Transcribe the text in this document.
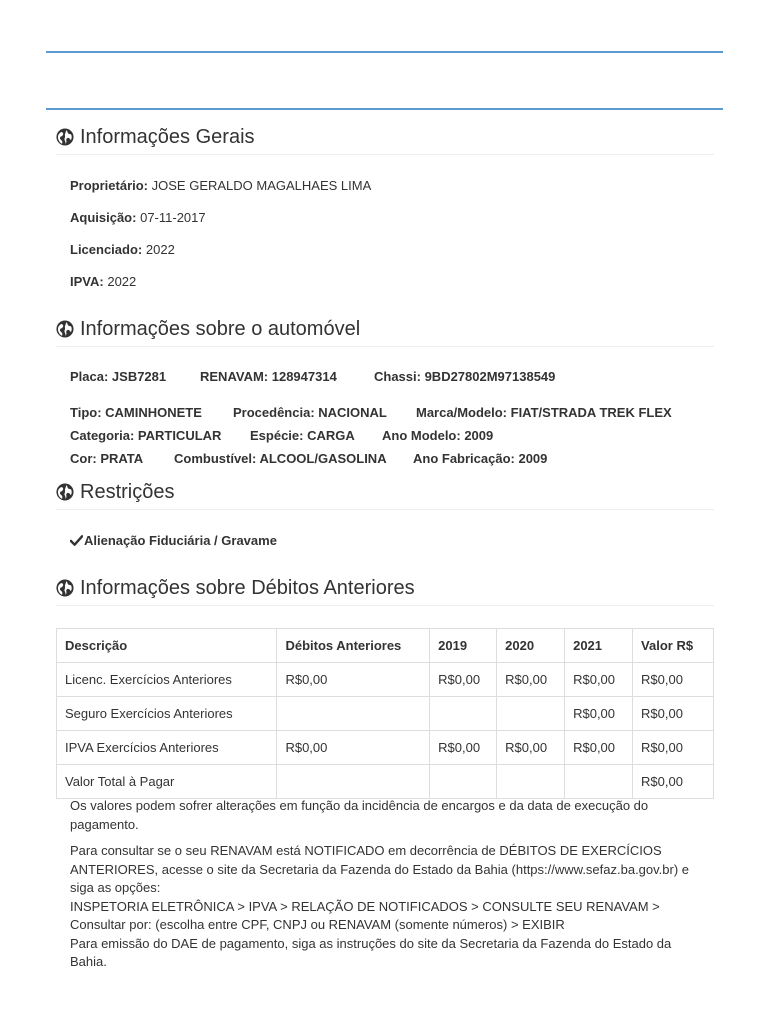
Informações Gerais
Proprietário: JOSE GERALDO MAGALHAES LIMA
Aquisição: 07-11-2017
Licenciado: 2022
IPVA: 2022
Informações sobre o automóvel
Placa: JSB7281	RENAVAM: 128947314	Chassi: 9BD27802M97138549
Tipo: CAMINHONETE Procedência: NACIONAL Marca/Modelo: FIAT/STRADA TREK FLEX
Categoria: PARTICULAR Espécie: CARGA Ano Modelo: 2009
Cor: PRATA Combustível: ALCOOL/GASOLINA Ano Fabricação: 2009
Restrições
Alienação Fiduciária / Gravame
Informações sobre Débitos Anteriores
Descrição	Débitos Anteriores	2019	2020	2021	Valor R$
Licenc. Exercícios Anteriores	R$0,00	R$0,00	R$0,00	R$0,00	R$0,00
Seguro Exercícios Anteriores				R$0,00	R$0,00
IPVA Exercícios Anteriores	R$0,00	R$0,00	R$0,00	R$0,00	R$0,00
Valor Total à Pagar					R$0,00

Os valores podem sofrer alterações em função da incidência de encargos e da data de execução do pagamento.

Para consultar se o seu RENAVAM está NOTIFICADO em decorrência de DÉBITOS DE EXERCÍCIOS ANTERIORES, acesse o site da Secretaria da Fazenda do Estado da Bahia (https://www.sefaz.ba.gov.br) e siga as opções:
INSPETORIA ELETRÔNICA > IPVA > RELAÇÃO DE NOTIFICADOS > CONSULTE SEU RENAVAM > Consultar por: (escolha entre CPF, CNPJ ou RENAVAM (somente números) > EXIBIR
Para emissão do DAE de pagamento, siga as instruções do site da Secretaria da Fazenda do Estado da Bahia.
